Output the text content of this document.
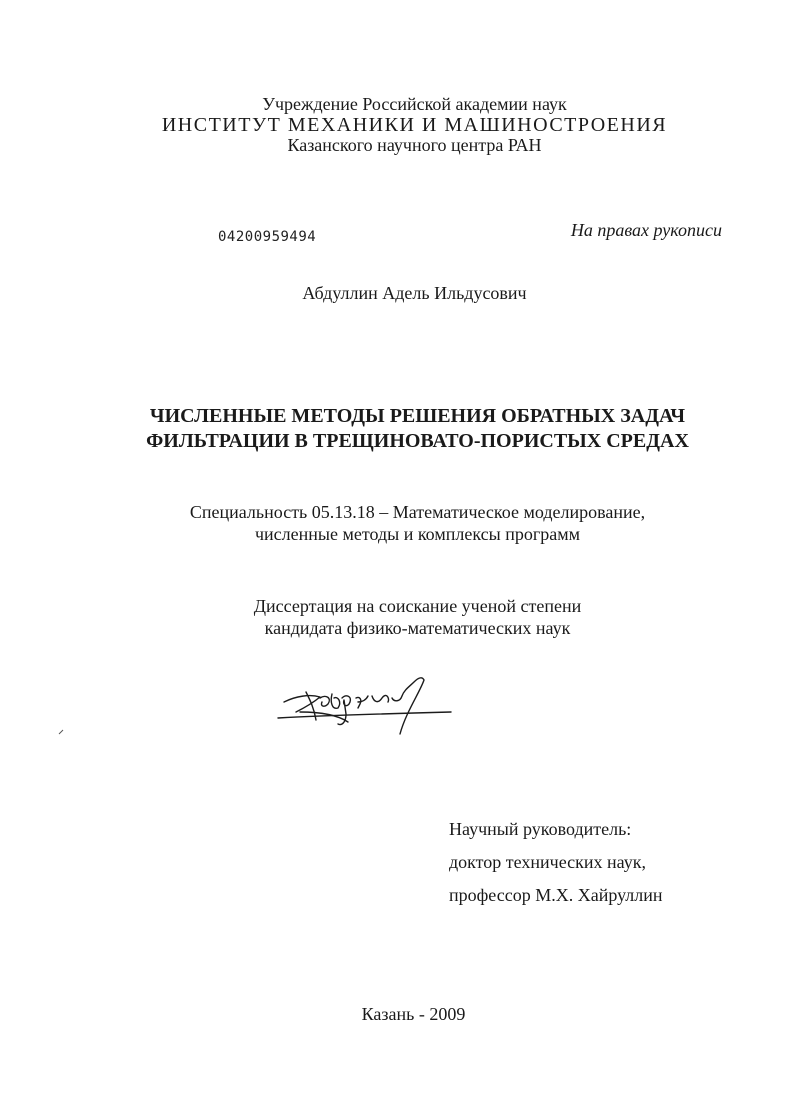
Учреждение Российской академии наук
ИНСТИТУТ МЕХАНИКИ И МАШИНОСТРОЕНИЯ
Казанского научного центра РАН
04200959494	На правах рукописи
Абдуллин Адель Ильдусович
ЧИСЛЕННЫЕ МЕТОДЫ РЕШЕНИЯ ОБРАТНЫХ ЗАДАЧ
ФИЛЬТРАЦИИ В ТРЕЩИНОВАТО-ПОРИСТЫХ СРЕДАХ
Специальность 05.13.18 – Математическое моделирование,
численные методы и комплексы программ
Диссертация на соискание ученой степени
кандидата физико-математических наук
Научный руководитель:
доктор технических наук,
профессор М.Х. Хайруллин
Казань - 2009
